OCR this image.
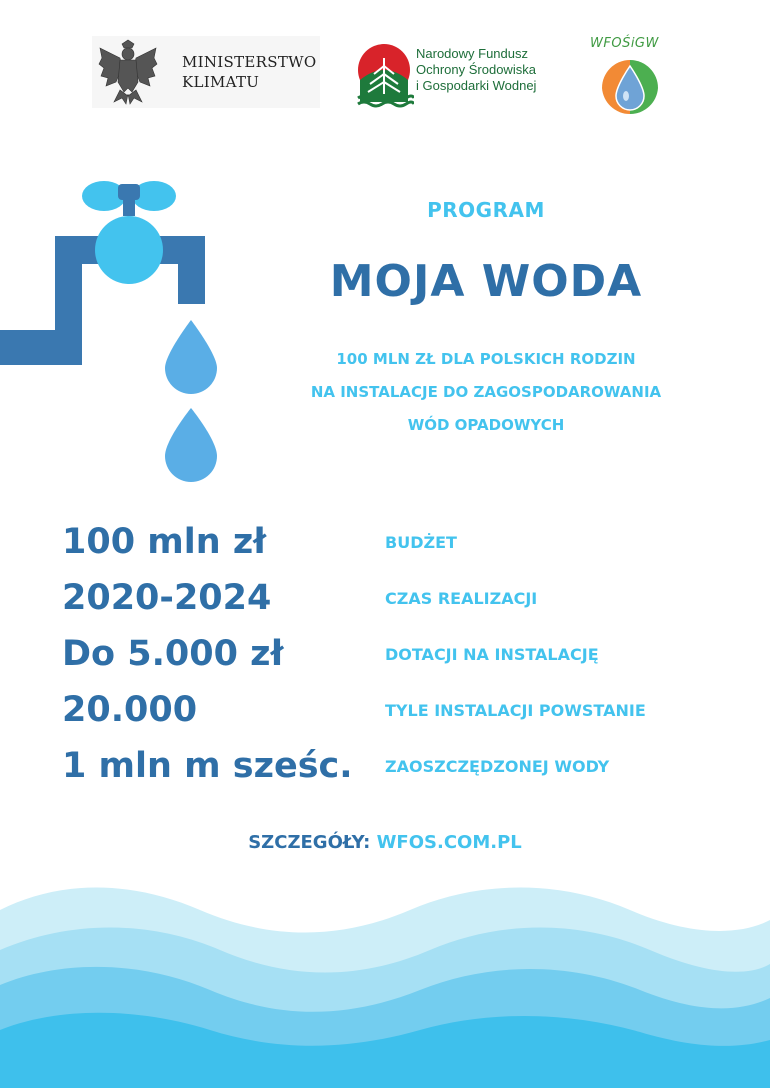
MINISTERSTWO
KLIMATU
Narodowy Fundusz
Ochrony Środowiska
i Gospodarki Wodnej
WFOŚiGW
PROGRAM
MOJA WODA
100 MLN ZŁ DLA POLSKICH RODZIN
NA INSTALACJE DO ZAGOSPODAROWANIA
WÓD OPADOWYCH
100 mln zł	BUDŻET
2020-2024	CZAS REALIZACJI
Do 5.000 zł	DOTACJI NA INSTALACJĘ
20.000	TYLE INSTALACJI POWSTANIE
1 mln m sześc. ZAOSZCZĘDZONEJ WODY
SZCZEGÓŁY: WFOS.COM.PL
